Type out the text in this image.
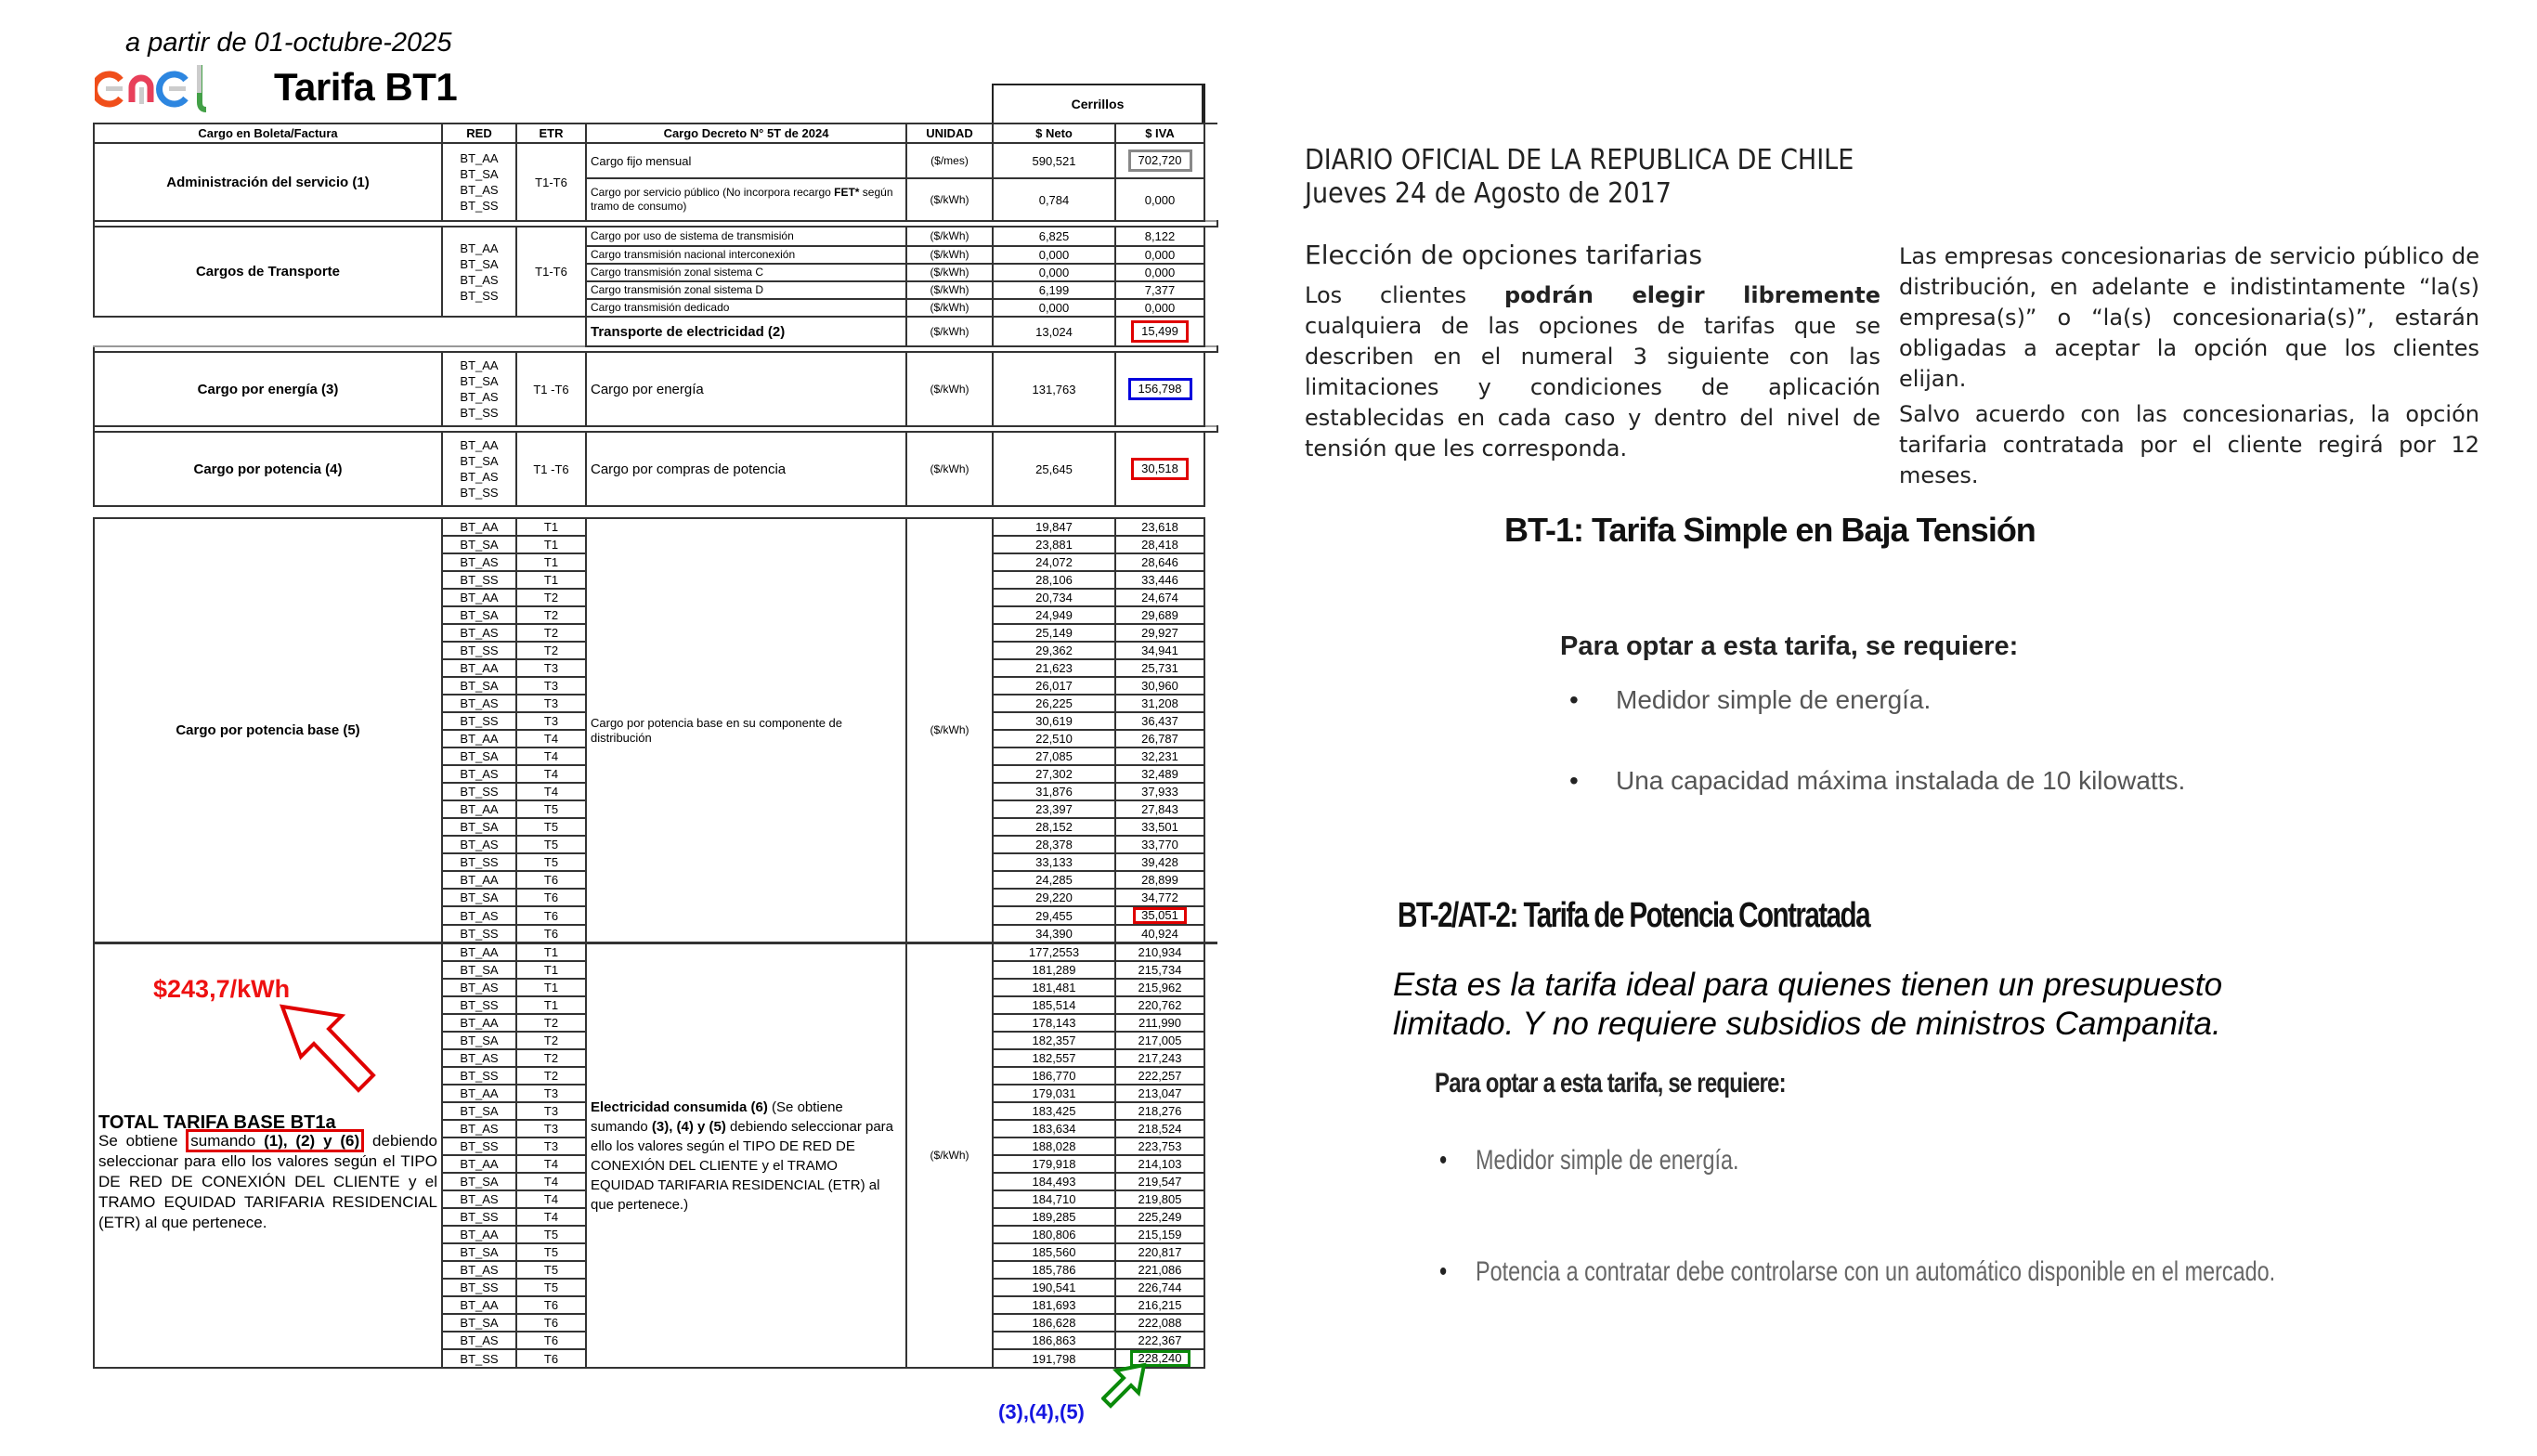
a partir de 01-octubre-2025
Tarifa BT1	Cerrillos
Cargo en Boleta/Factura	RED	ETR	Cargo Decreto N° 5T de 2024	UNIDAD	$ Neto	$ IVA	
Administración del servicio (1)	BT_AA BT_SA BT_AS BT_SS	T1-T6	Cargo fijo mensual	($/mes)	590,521	702,720	
			Cargo por servicio público (No incorpora recargo FET* según tramo de consumo)	($/kWh)	0,784	0,000	

Cargos de Transporte	BT_AA BT_SA BT_AS BT_SS	T1-T6	Cargo por uso de sistema de transmisión	($/kWh)	6,825	8,122	
			Cargo transmisión nacional interconexión	($/kWh)	0,000	0,000	
			Cargo transmisión zonal sistema C	($/kWh)	0,000	0,000	
			Cargo transmisión zonal sistema D	($/kWh)	6,199	7,377	
			Cargo transmisión dedicado	($/kWh)	0,000	0,000	
			Transporte de electricidad (2)	($/kWh)	13,024	15,499	

Cargo por energía (3)	BT_AA BT_SA BT_AS BT_SS	T1 -T6	Cargo por energía	($/kWh)	131,763	156,798	

Cargo por potencia (4)	BT_AA BT_SA BT_AS BT_SS	T1 -T6	Cargo por compras de potencia	($/kWh)	25,645	30,518	
Cargo por potencia base (5)	BT_AA	T1	Cargo por potencia base en su componente de distribución	($/kWh)	19,847	23,618	
	BT_SA	T1			23,881	28,418	
	BT_AS	T1			24,072	28,646	
	BT_SS	T1			28,106	33,446	
	BT_AA	T2			20,734	24,674	
	BT_SA	T2			24,949	29,689	
	BT_AS	T2			25,149	29,927	
	BT_SS	T2			29,362	34,941	
	BT_AA	T3			21,623	25,731	
	BT_SA	T3			26,017	30,960	
	BT_AS	T3			26,225	31,208	
	BT_SS	T3			30,619	36,437	
	BT_AA	T4			22,510	26,787	
	BT_SA	T4			27,085	32,231	
	BT_AS	T4			27,302	32,489	
	BT_SS	T4			31,876	37,933	
	BT_AA	T5			23,397	27,843	
	BT_SA	T5			28,152	33,501	
	BT_AS	T5			28,378	33,770	
	BT_SS	T5			33,133	39,428	
	BT_AA	T6			24,285	28,899	
	BT_SA	T6			29,220	34,772	
	BT_AS	T6			29,455	35,051	
	BT_SS	T6			34,390	40,924	

TOTAL TARIFA BASE BT1a
Se obtiene sumando (1), (2) y (6) debiendo seleccionar para ello los valores según el TIPO DE RED DE CONEXIÓN DEL CLIENTE y el TRAMO EQUIDAD TARIFARIA RESIDENCIAL (ETR) al que pertenece.
	BT_AA	T1	Electricidad consumida (6) (Se obtiene sumando (3), (4) y (5) debiendo seleccionar para ello los valores según el TIPO DE RED DE CONEXIÓN DEL CLIENTE y el TRAMO EQUIDAD TARIFARIA RESIDENCIAL (ETR) al que pertenece.)	($/kWh)	177,2553	210,934	
	BT_SA	T1			181,289	215,734	
	BT_AS	T1			181,481	215,962	
	BT_SS	T1			185,514	220,762	
	BT_AA	T2			178,143	211,990	
	BT_SA	T2			182,357	217,005	
	BT_AS	T2			182,557	217,243	
	BT_SS	T2			186,770	222,257	
	BT_AA	T3			179,031	213,047	
	BT_SA	T3			183,425	218,276	
	BT_AS	T3			183,634	218,524	
	BT_SS	T3			188,028	223,753	
	BT_AA	T4			179,918	214,103	
	BT_SA	T4			184,493	219,547	
	BT_AS	T4			184,710	219,805	
	BT_SS	T4			189,285	225,249	
	BT_AA	T5			180,806	215,159	
	BT_SA	T5			185,560	220,817	
	BT_AS	T5			185,786	221,086	
	BT_SS	T5			190,541	226,744	
	BT_AA	T6			181,693	216,215	
	BT_SA	T6			186,628	222,088	
	BT_AS	T6			186,863	222,367	
	BT_SS	T6			191,798	228,240	
$243,7/kWh
(3),(4),(5)
DIARIO OFICIAL DE LA REPUBLICA DE CHILE
Jueves 24 de Agosto de 2017
Elección de opciones tarifarias
Los clientes podrán elegir libremente cualquiera de las opciones de tarifas que se describen en el numeral 3 siguiente con las limitaciones y condiciones de aplicación establecidas en cada caso y dentro del nivel de tensión que les corresponda.
Las empresas concesionarias de servicio público de distribución, en adelante e indistintamente “la(s) empresa(s)” o “la(s) concesionaria(s)”, estarán obligadas a aceptar la opción que los clientes elijan.
Salvo acuerdo con las concesionarias, la opción tarifaria contratada por el cliente regirá por 12 meses.
BT-1: Tarifa Simple en Baja Tensión
Para optar a esta tarifa, se requiere:
• Medidor simple de energía.
• Una capacidad máxima instalada de 10 kilowatts.
BT-2/AT-2: Tarifa de Potencia Contratada
Esta es la tarifa ideal para quienes tienen un presupuesto limitado. Y no requiere subsidios de ministros Campanita.
Para optar a esta tarifa, se requiere:
• Medidor simple de energía.
• Potencia a contratar debe controlarse con un automático disponible en el mercado.
